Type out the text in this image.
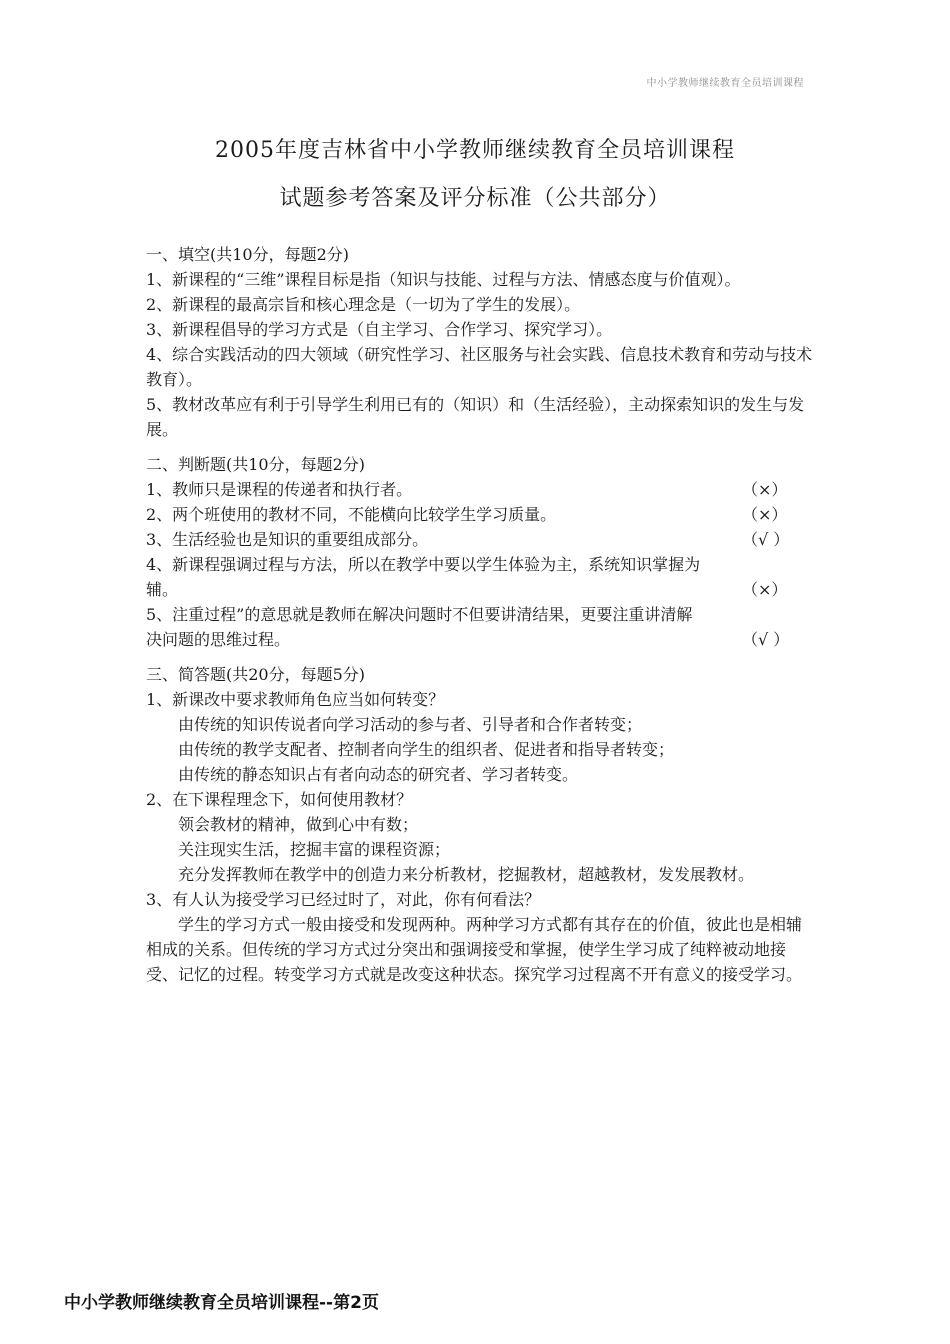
中小学教师继续教育全员培训课程
2005年度吉林省中小学教师继续教育全员培训课程
试题参考答案及评分标准（公共部分）
一、填空(共10分，每题2分)
1、新课程的“三维”课程目标是指（知识与技能、过程与方法、情感态度与价值观）。
2、新课程的最高宗旨和核心理念是（一切为了学生的发展）。
3、新课程倡导的学习方式是（自主学习、合作学习、探究学习）。
4、综合实践活动的四大领域（研究性学习、社区服务与社会实践、信息技术教育和劳动与技术教育）。
5、教材改革应有利于引导学生利用已有的（知识）和（生活经验），主动探索知识的发生与发展。
二、判断题(共10分，每题2分)
1、教师只是课程的传递者和执行者。	（×）
2、两个班使用的教材不同，不能横向比较学生学习质量。	（×）
3、生活经验也是知识的重要组成部分。	（√ ）
4、新课程强调过程与方法，所以在教学中要以学生体验为主，系统知识掌握为
辅。	（×）
5、注重过程”的意思就是教师在解决问题时不但要讲清结果，更要注重讲清解
决问题的思维过程。	（√ ）
三、简答题(共20分，每题5分)
1、新课改中要求教师角色应当如何转变？
由传统的知识传说者向学习活动的参与者、引导者和合作者转变；
由传统的教学支配者、控制者向学生的组织者、促进者和指导者转变；
由传统的静态知识占有者向动态的研究者、学习者转变。
2、在下课程理念下，如何使用教材？
领会教材的精神，做到心中有数；
关注现实生活，挖掘丰富的课程资源；
充分发挥教师在教学中的创造力来分析教材，挖掘教材，超越教材，发发展教材。
3、有人认为接受学习已经过时了，对此，你有何看法？
学生的学习方式一般由接受和发现两种。两种学习方式都有其存在的价值，彼此也是相辅相成的关系。但传统的学习方式过分突出和强调接受和掌握，使学生学习成了纯粹被动地接受、记忆的过程。转变学习方式就是改变这种状态。探究学习过程离不开有意义的接受学习。
中小学教师继续教育全员培训课程--第2页
